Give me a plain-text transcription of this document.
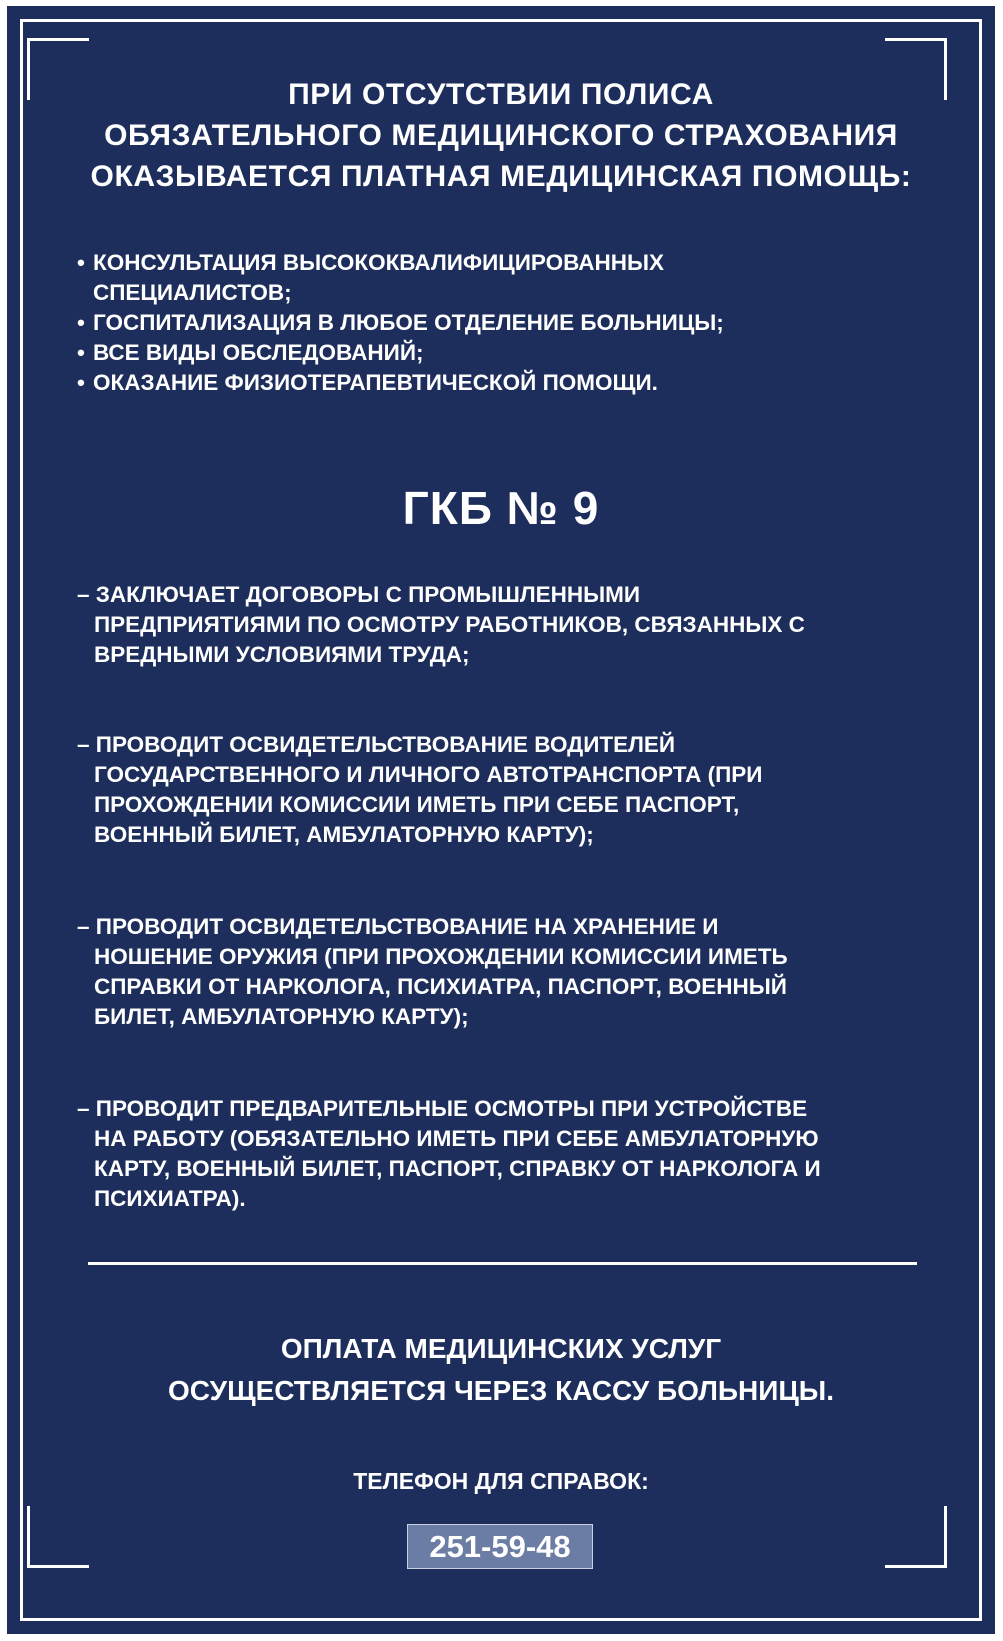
ПРИ ОТСУТСТВИИ ПОЛИСА
ОБЯЗАТЕЛЬНОГО МЕДИЦИНСКОГО СТРАХОВАНИЯ
ОКАЗЫВАЕТСЯ ПЛАТНАЯ МЕДИЦИНСКАЯ ПОМОЩЬ:
• КОНСУЛЬТАЦИЯ ВЫСОКОКВАЛИФИЦИРОВАННЫХ
СПЕЦИАЛИСТОВ;
• ГОСПИТАЛИЗАЦИЯ В ЛЮБОЕ ОТДЕЛЕНИЕ БОЛЬНИЦЫ;
• ВСЕ ВИДЫ ОБСЛЕДОВАНИЙ;
• ОКАЗАНИЕ ФИЗИОТЕРАПЕВТИЧЕСКОЙ ПОМОЩИ.
ГКБ № 9
– ЗАКЛЮЧАЕТ ДОГОВОРЫ С ПРОМЫШЛЕННЫМИ
ПРЕДПРИЯТИЯМИ ПО ОСМОТРУ РАБОТНИКОВ, СВЯЗАННЫХ С
ВРЕДНЫМИ УСЛОВИЯМИ ТРУДА;
– ПРОВОДИТ ОСВИДЕТЕЛЬСТВОВАНИЕ ВОДИТЕЛЕЙ
ГОСУДАРСТВЕННОГО И ЛИЧНОГО АВТОТРАНСПОРТА (ПРИ
ПРОХОЖДЕНИИ КОМИССИИ ИМЕТЬ ПРИ СЕБЕ ПАСПОРТ,
ВОЕННЫЙ БИЛЕТ, АМБУЛАТОРНУЮ КАРТУ);
– ПРОВОДИТ ОСВИДЕТЕЛЬСТВОВАНИЕ НА ХРАНЕНИЕ И
НОШЕНИЕ ОРУЖИЯ (ПРИ ПРОХОЖДЕНИИ КОМИССИИ ИМЕТЬ
СПРАВКИ ОТ НАРКОЛОГА, ПСИХИАТРА, ПАСПОРТ, ВОЕННЫЙ
БИЛЕТ, АМБУЛАТОРНУЮ КАРТУ);
– ПРОВОДИТ ПРЕДВАРИТЕЛЬНЫЕ ОСМОТРЫ ПРИ УСТРОЙСТВЕ
НА РАБОТУ (ОБЯЗАТЕЛЬНО ИМЕТЬ ПРИ СЕБЕ АМБУЛАТОРНУЮ
КАРТУ, ВОЕННЫЙ БИЛЕТ, ПАСПОРТ, СПРАВКУ ОТ НАРКОЛОГА И
ПСИХИАТРА).
ОПЛАТА МЕДИЦИНСКИХ УСЛУГ
ОСУЩЕСТВЛЯЕТСЯ ЧЕРЕЗ КАССУ БОЛЬНИЦЫ.
ТЕЛЕФОН ДЛЯ СПРАВОК:
251-59-48
